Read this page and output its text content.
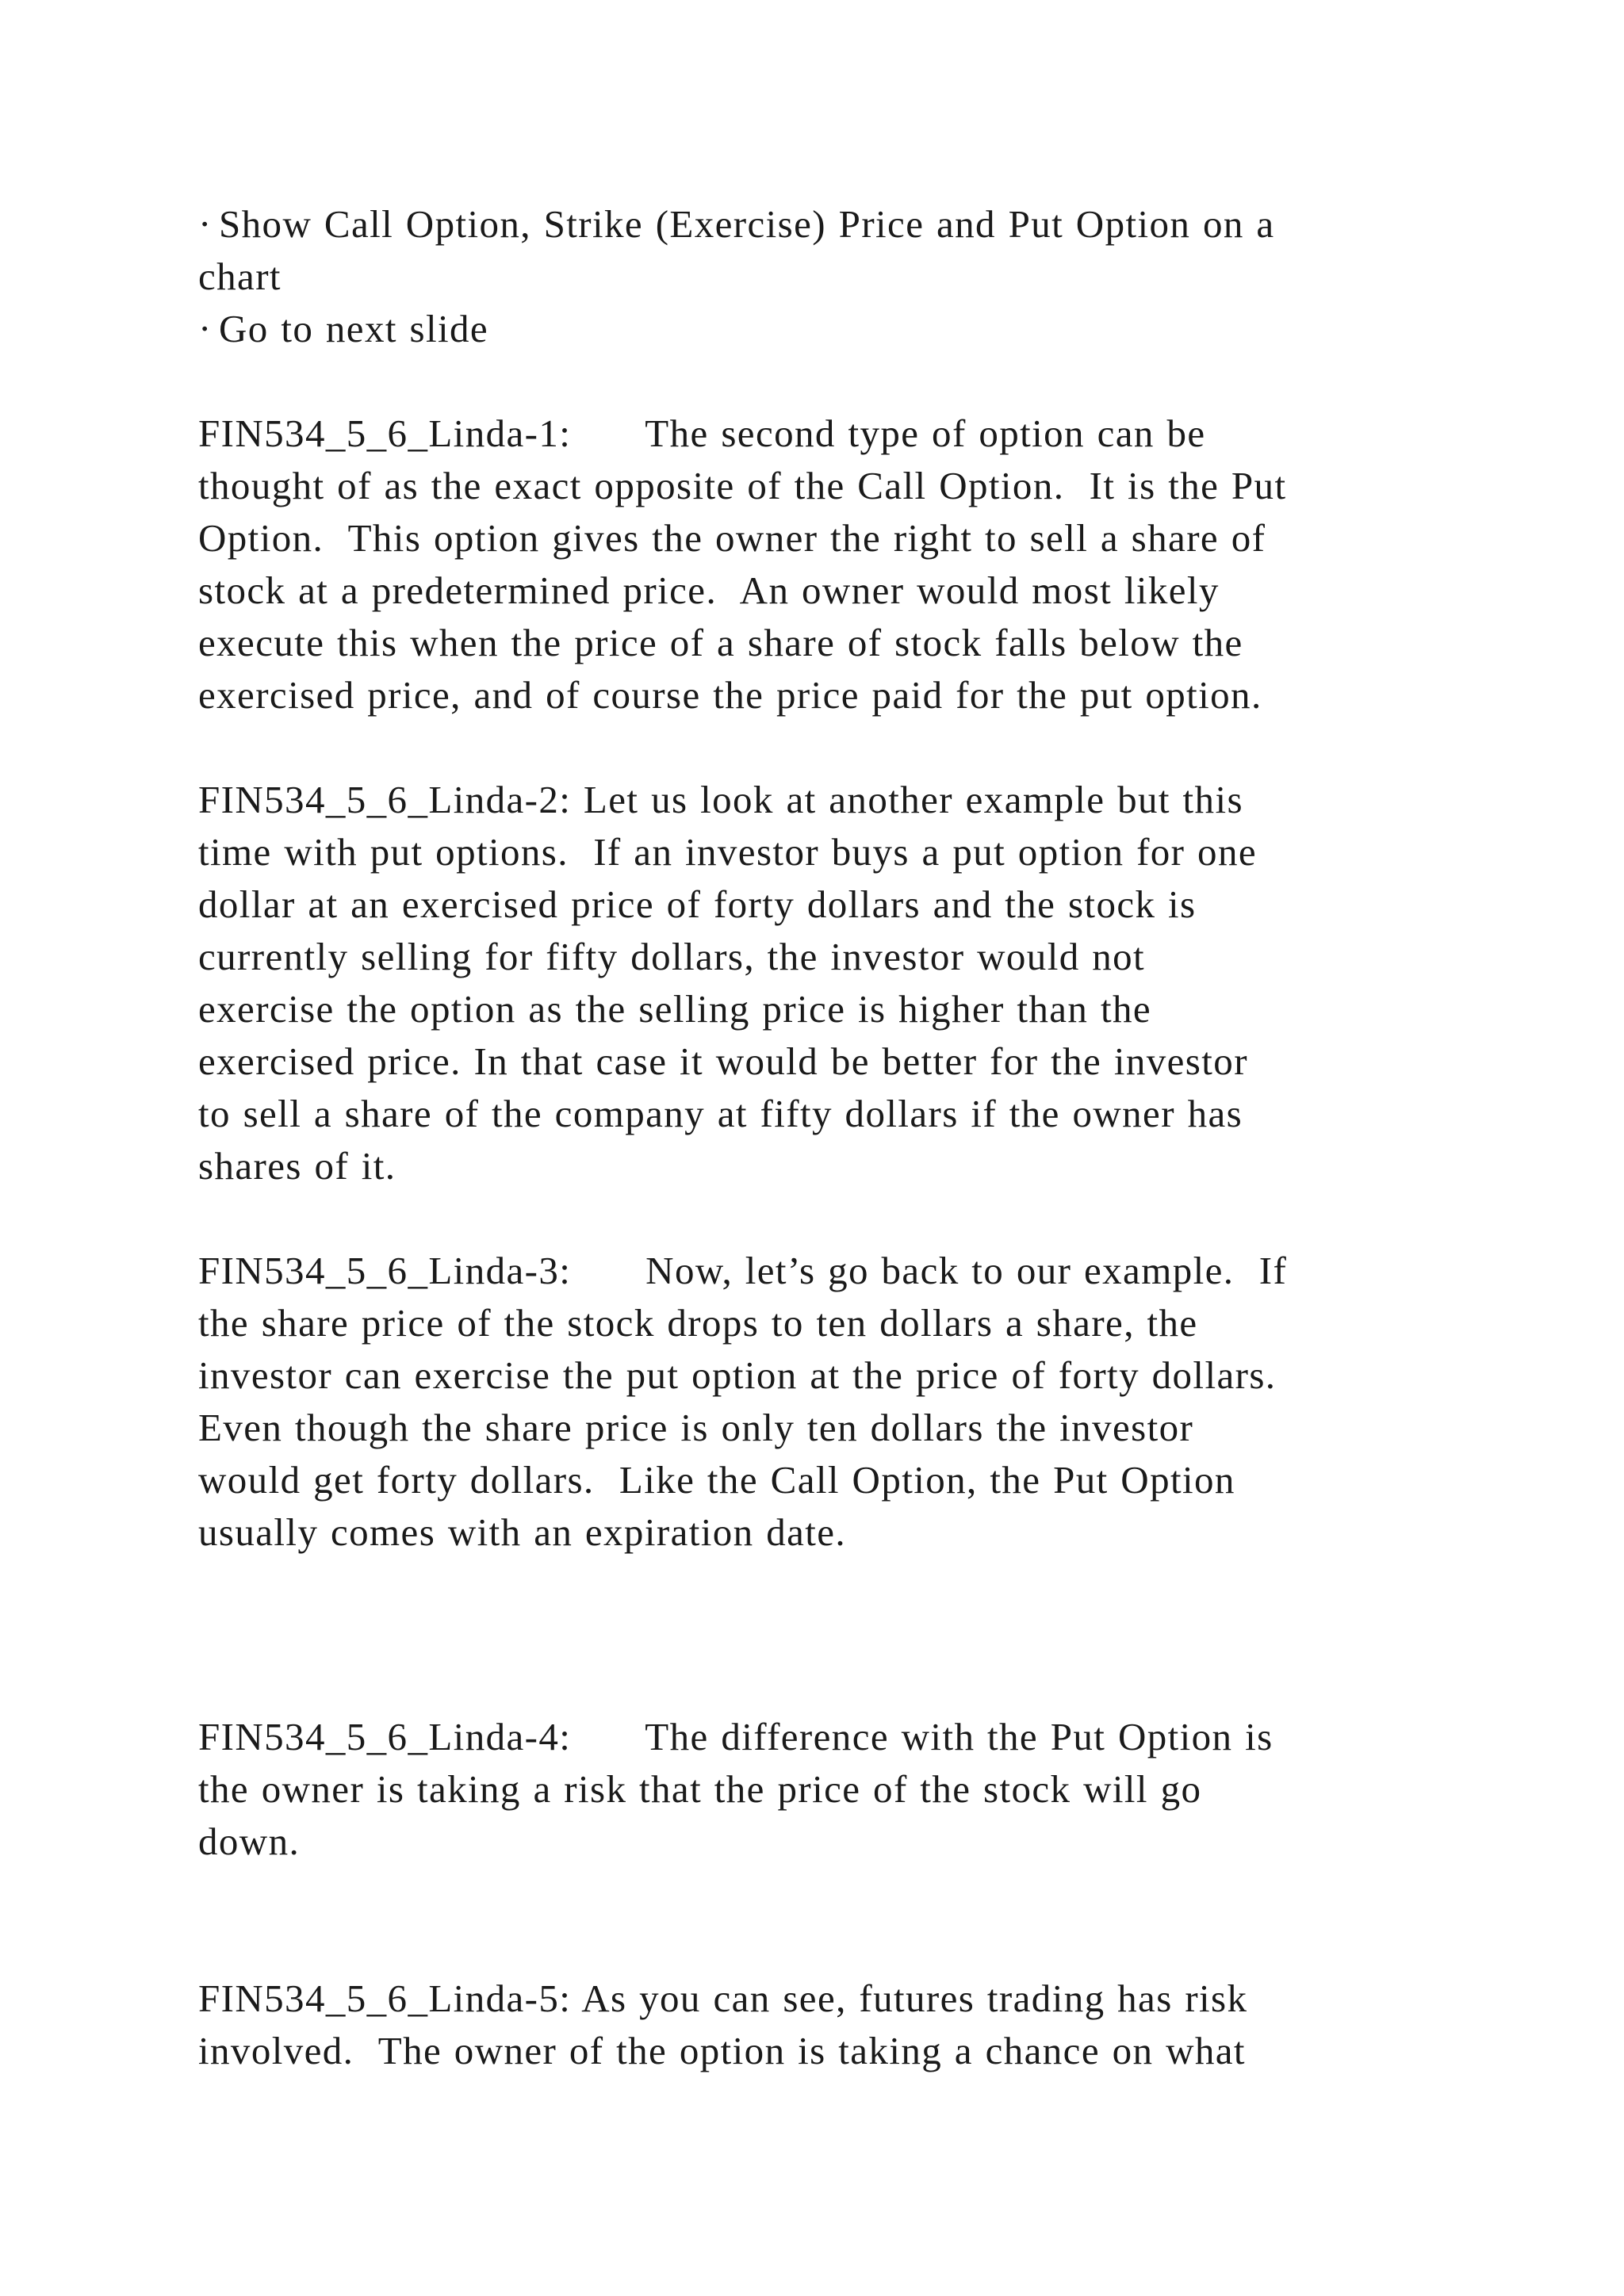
· Show Call Option, Strike (Exercise) Price and Put Option on a

chart

· Go to next slide

FIN534_5_6_Linda-1:      The second type of option can be

thought of as the exact opposite of the Call Option.  It is the Put

Option.  This option gives the owner the right to sell a share of

stock at a predetermined price.  An owner would most likely

execute this when the price of a share of stock falls below the

exercised price, and of course the price paid for the put option.

FIN534_5_6_Linda-2: Let us look at another example but this

time with put options.  If an investor buys a put option for one

dollar at an exercised price of forty dollars and the stock is

currently selling for fifty dollars, the investor would not

exercise the option as the selling price is higher than the

exercised price. In that case it would be better for the investor

to sell a share of the company at fifty dollars if the owner has

shares of it.

FIN534_5_6_Linda-3:      Now, let’s go back to our example.  If

the share price of the stock drops to ten dollars a share, the

investor can exercise the put option at the price of forty dollars.

Even though the share price is only ten dollars the investor

would get forty dollars.  Like the Call Option, the Put Option

usually comes with an expiration date.

FIN534_5_6_Linda-4:      The difference with the Put Option is

the owner is taking a risk that the price of the stock will go

down.

FIN534_5_6_Linda-5: As you can see, futures trading has risk

involved.  The owner of the option is taking a chance on what
